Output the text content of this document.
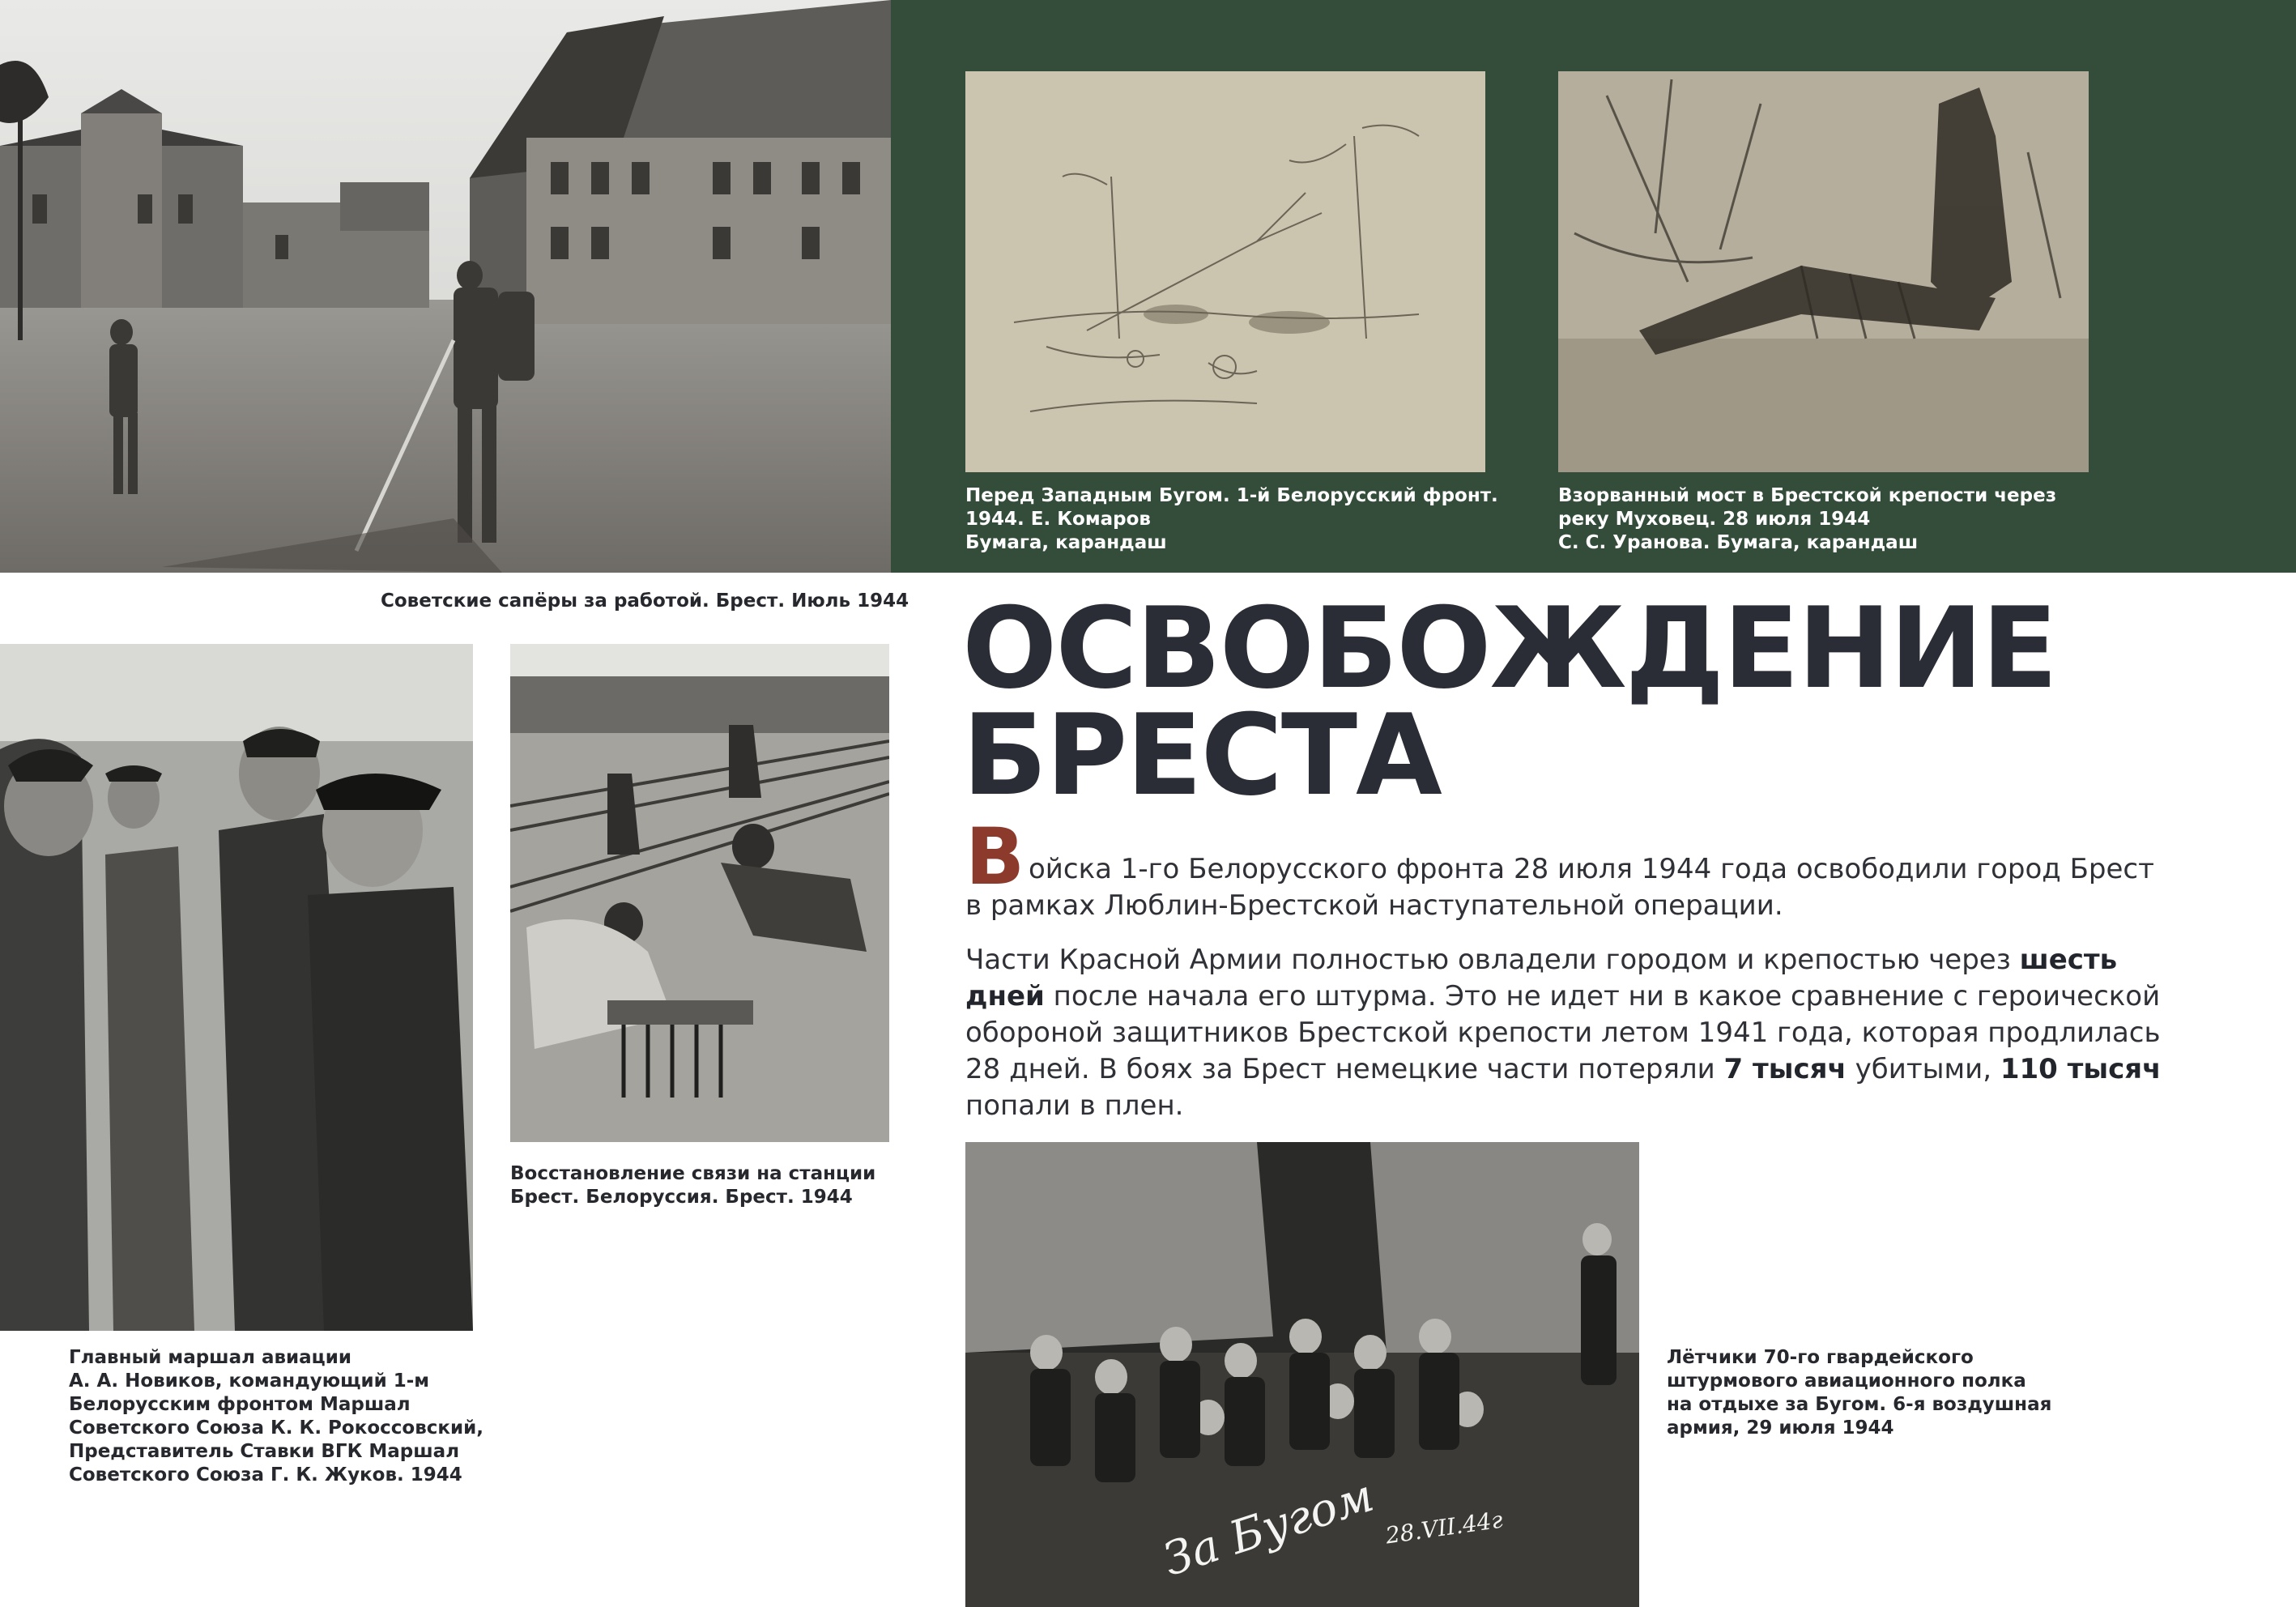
За Бугом 28.VII.44г
Советские сапёры за работой. Брест. Июль 1944
Перед Западным Бугом. 1-й Белорусский фронт.
1944. Е. Комаров
Бумага, карандаш
Взорванный мост в Брестской крепости через
реку Муховец. 28 июля 1944
С. С. Уранова. Бумага, карандаш
Главный маршал авиации
А. А. Новиков, командующий 1-м
Белорусским фронтом Маршал
Советского Союза К. К. Рокоссовский,
Представитель Ставки ВГК Маршал
Советского Союза Г. К. Жуков. 1944
Восстановление связи на станции
Брест. Белоруссия. Брест. 1944
Лётчики 70-го гвардейского
штурмового авиационного полка
на отдыхе за Бугом. 6-я воздушная
армия, 29 июля 1944
ОСВОБОЖДЕНИЕ
БРЕСТА
В ойска 1-го Белорусского фронта 28 июля 1944 года освободили город Брест
в рамках Люблин-Брестской наступательной операции.
Части Красной Армии полностью овладели городом и крепостью через шесть
дней после начала его штурма. Это не идет ни в какое сравнение с героической
обороной защитников Брестской крепости летом 1941 года, которая продлилась
28 дней. В боях за Брест немецкие части потеряли 7 тысяч убитыми, 110 тысяч
попали в плен.
